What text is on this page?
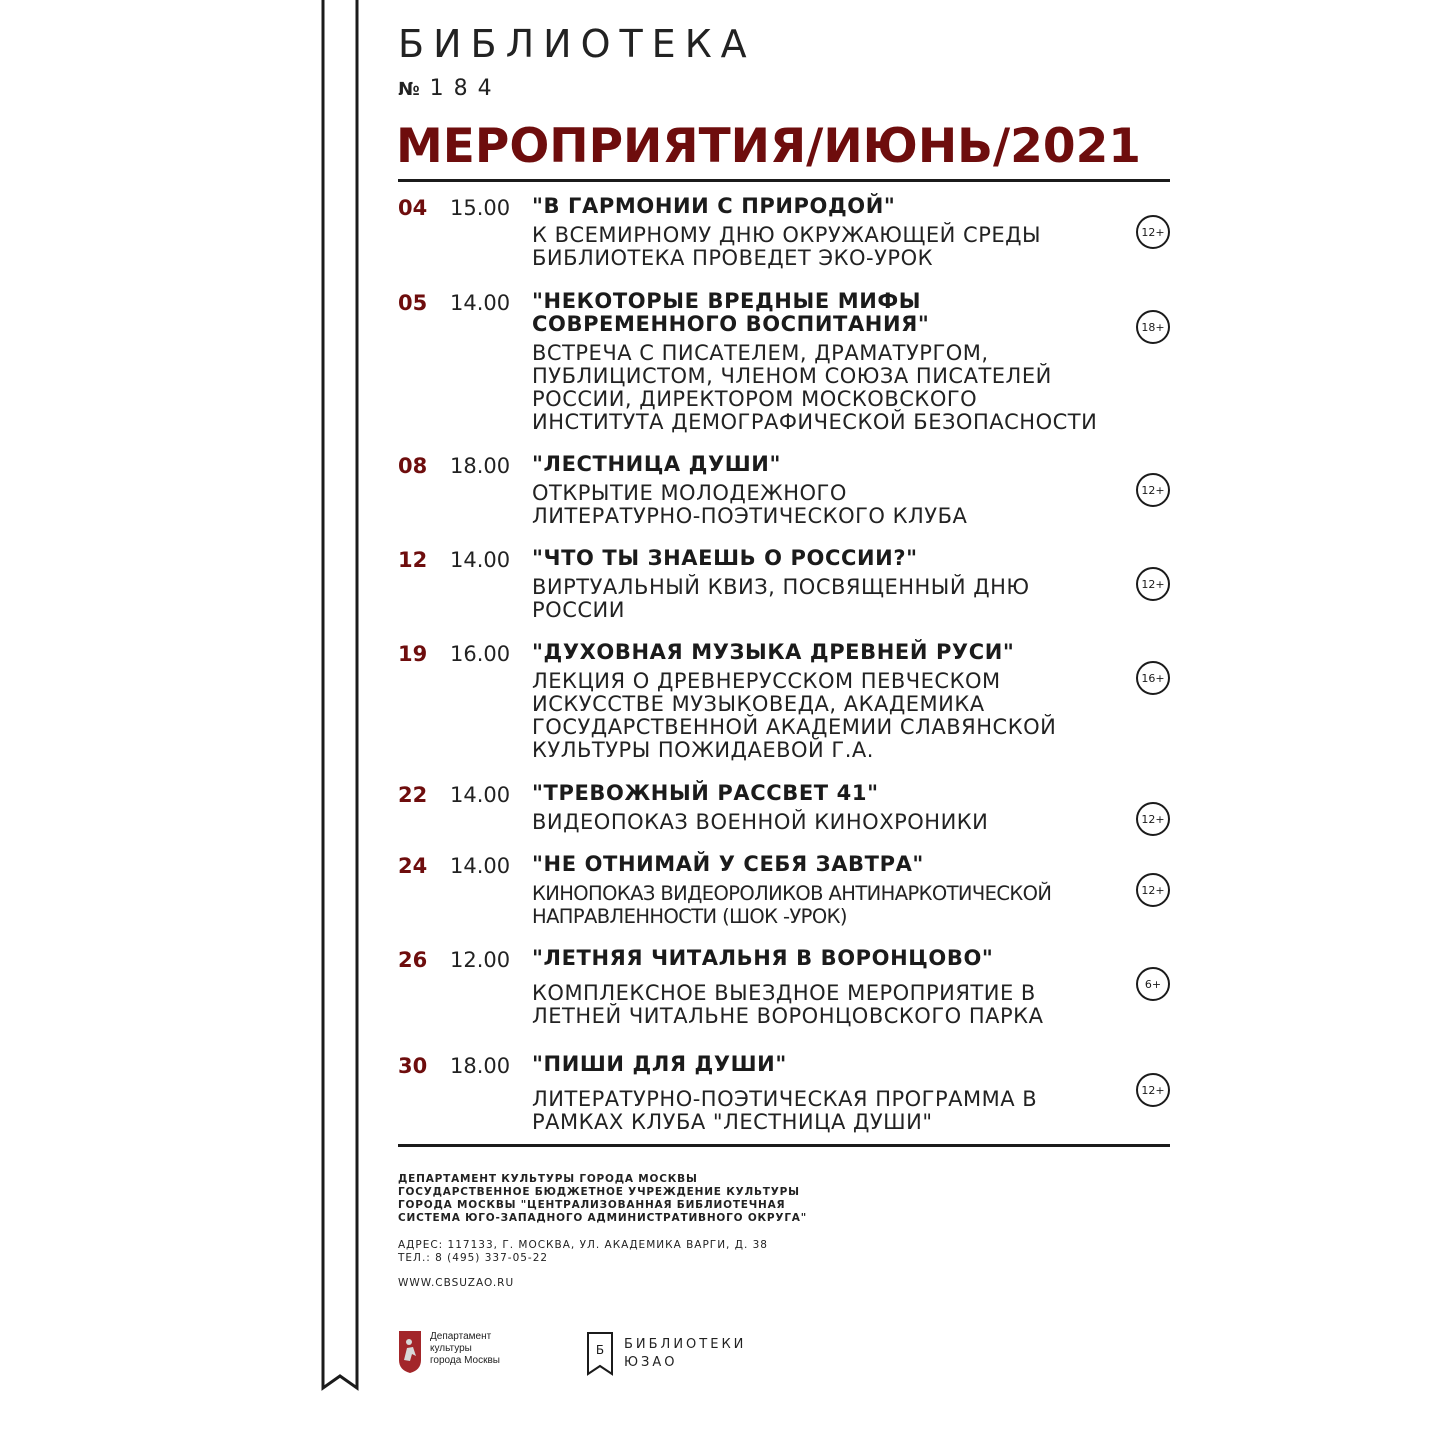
БИБЛИОТЕКА
№ 184
МЕРОПРИЯТИЯ/ИЮНЬ/2021
04 15.00 "В ГАРМОНИИ С ПРИРОДОЙ"
К ВСЕМИРНОМУ ДНЮ ОКРУЖАЮЩЕЙ СРЕДЫ
БИБЛИОТЕКА ПРОВЕДЕТ ЭКО-УРОК
12+
05 14.00 "НЕКОТОРЫЕ ВРЕДНЫЕ МИФЫ СОВРЕМЕННОГО ВОСПИТАНИЯ"
ВСТРЕЧА С ПИСАТЕЛЕМ, ДРАМАТУРГОМ,
ПУБЛИЦИСТОМ, ЧЛЕНОМ СОЮЗА ПИСАТЕЛЕЙ
РОССИИ, ДИРЕКТОРОМ МОСКОВСКОГО
ИНСТИТУТА ДЕМОГРАФИЧЕСКОЙ БЕЗОПАСНОСТИ
18+
08 18.00 "ЛЕСТНИЦА ДУШИ"
ОТКРЫТИЕ МОЛОДЕЖНОГО
ЛИТЕРАТУРНО-ПОЭТИЧЕСКОГО КЛУБА
12+
12 14.00 "ЧТО ТЫ ЗНАЕШЬ О РОССИИ?"
ВИРТУАЛЬНЫЙ КВИЗ, ПОСВЯЩЕННЫЙ ДНЮ
РОССИИ
12+
19 16.00 "ДУХОВНАЯ МУЗЫКА ДРЕВНЕЙ РУСИ"
ЛЕКЦИЯ О ДРЕВНЕРУССКОМ ПЕВЧЕСКОМ
ИСКУССТВЕ МУЗЫКОВЕДА, АКАДЕМИКА
ГОСУДАРСТВЕННОЙ АКАДЕМИИ СЛАВЯНСКОЙ
КУЛЬТУРЫ ПОЖИДАЕВОЙ Г.А.
16+
22 14.00 "ТРЕВОЖНЫЙ РАССВЕТ 41"
ВИДЕОПОКАЗ ВОЕННОЙ КИНОХРОНИКИ	12+
24 14.00 "НЕ ОТНИМАЙ У СЕБЯ ЗАВТРА"
КИНОПОКАЗ ВИДЕОРОЛИКОВ АНТИНАРКОТИЧЕСКОЙ
НАПРАВЛЕННОСТИ (ШОК -УРОК)
12+
26 12.00 "ЛЕТНЯЯ ЧИТАЛЬНЯ В ВОРОНЦОВО"
КОМПЛЕКСНОЕ ВЫЕЗДНОЕ МЕРОПРИЯТИЕ В
ЛЕТНЕЙ ЧИТАЛЬНЕ ВОРОНЦОВСКОГО ПАРКА
6+
30 18.00 "ПИШИ ДЛЯ ДУШИ"
ЛИТЕРАТУРНО-ПОЭТИЧЕСКАЯ ПРОГРАММА В
РАМКАХ КЛУБА "ЛЕСТНИЦА ДУШИ"
12+
ДЕПАРТАМЕНТ КУЛЬТУРЫ ГОРОДА МОСКВЫ
ГОСУДАРСТВЕННОЕ БЮДЖЕТНОЕ УЧРЕЖДЕНИЕ КУЛЬТУРЫ
ГОРОДА МОСКВЫ "ЦЕНТРАЛИЗОВАННАЯ БИБЛИОТЕЧНАЯ
СИСТЕМА ЮГО-ЗАПАДНОГО АДМИНИСТРАТИВНОГО ОКРУГА"
АДРЕС: 117133, Г. МОСКВА, УЛ. АКАДЕМИКА ВАРГИ, Д. 38
ТЕЛ.: 8 (495) 337-05-22
WWW.CBSUZAO.RU
Департамент
культуры
города Москвы
Б БИБЛИОТЕКИ
ЮЗАО
